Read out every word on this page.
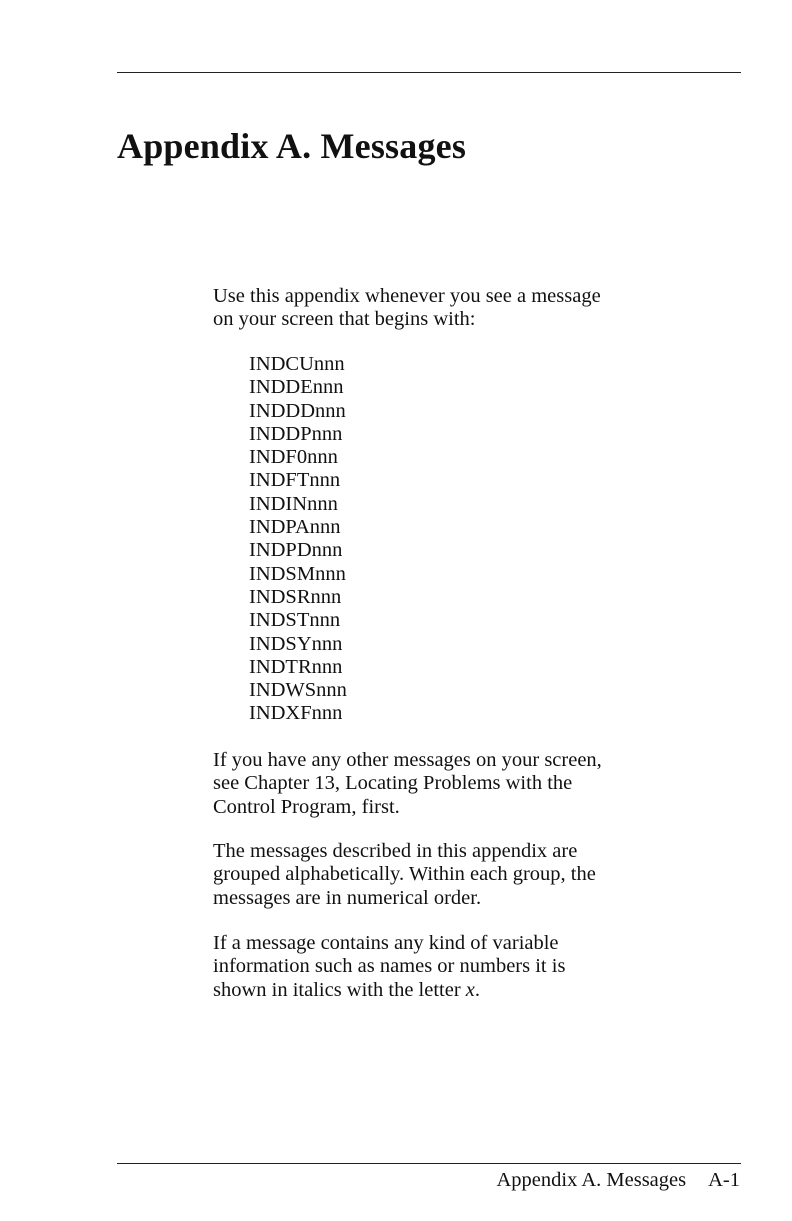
Appendix A. Messages

Use this appendix whenever you see a message

on your screen that begins with:

INDCUnnn
INDDEnnn
INDDDnnn
INDDPnnn
INDF0nnn
INDFTnnn
INDINnnn
INDPAnnn
INDPDnnn
INDSMnnn
INDSRnnn
INDSTnnn
INDSYnnn
INDTRnnn
INDWSnnn
INDXFnnn

If you have any other messages on your screen,
see Chapter 13, Locating Problems with the
Control Program, first.

The messages described in this appendix are
grouped alphabetically. Within each group, the
messages are in numerical order.

If a message contains any kind of variable
information such as names or numbers it is
shown in italics with the letter x.

Appendix A. Messages A-1
